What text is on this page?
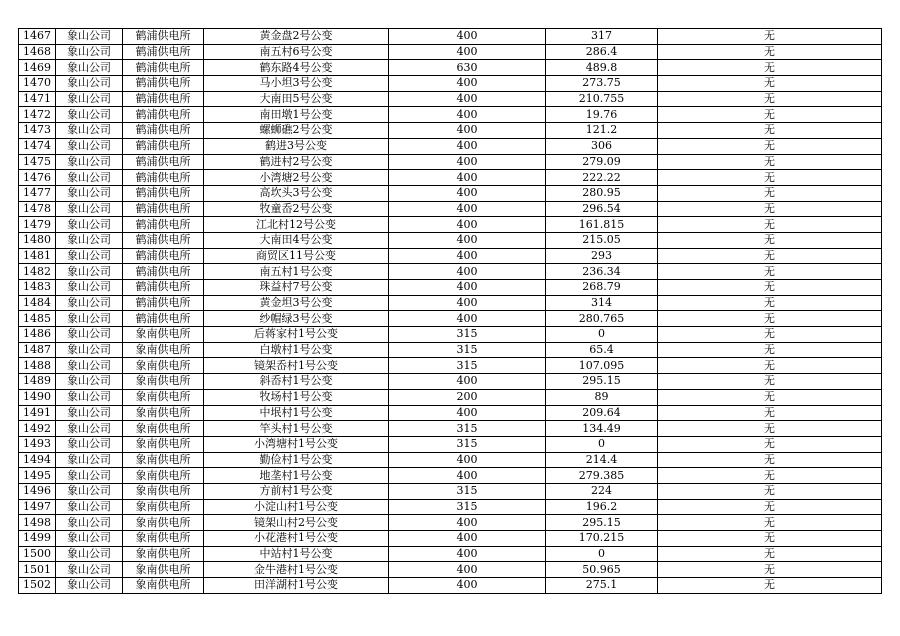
1467	象山公司	鹤浦供电所	黄金盘2号公变	400	317	无
1468	象山公司	鹤浦供电所	南五村6号公变	400	286.4	无
1469	象山公司	鹤浦供电所	鹤东路4号公变	630	489.8	无
1470	象山公司	鹤浦供电所	马小坦3号公变	400	273.75	无
1471	象山公司	鹤浦供电所	大南田5号公变	400	210.755	无
1472	象山公司	鹤浦供电所	南田墩1号公变	400	19.76	无
1473	象山公司	鹤浦供电所	螺蛳礁2号公变	400	121.2	无
1474	象山公司	鹤浦供电所	鹤进3号公变	400	306	无
1475	象山公司	鹤浦供电所	鹤进村2号公变	400	279.09	无
1476	象山公司	鹤浦供电所	小湾塘2号公变	400	222.22	无
1477	象山公司	鹤浦供电所	高坎头3号公变	400	280.95	无
1478	象山公司	鹤浦供电所	牧童岙2号公变	400	296.54	无
1479	象山公司	鹤浦供电所	江北村12号公变	400	161.815	无
1480	象山公司	鹤浦供电所	大南田4号公变	400	215.05	无
1481	象山公司	鹤浦供电所	商贸区11号公变	400	293	无
1482	象山公司	鹤浦供电所	南五村1号公变	400	236.34	无
1483	象山公司	鹤浦供电所	珠益村7号公变	400	268.79	无
1484	象山公司	鹤浦供电所	黄金坦3号公变	400	314	无
1485	象山公司	鹤浦供电所	纱帽绿3号公变	400	280.765	无
1486	象山公司	象南供电所	后蒋家村1号公变	315	0	无
1487	象山公司	象南供电所	白墩村1号公变	315	65.4	无
1488	象山公司	象南供电所	镜架岙村1号公变	315	107.095	无
1489	象山公司	象南供电所	斜岙村1号公变	400	295.15	无
1490	象山公司	象南供电所	牧场村1号公变	200	89	无
1491	象山公司	象南供电所	中垊村1号公变	400	209.64	无
1492	象山公司	象南供电所	竿头村1号公变	315	134.49	无
1493	象山公司	象南供电所	小湾塘村1号公变	315	0	无
1494	象山公司	象南供电所	勤俭村1号公变	400	214.4	无
1495	象山公司	象南供电所	地垄村1号公变	400	279.385	无
1496	象山公司	象南供电所	方前村1号公变	315	224	无
1497	象山公司	象南供电所	小淀山村1号公变	315	196.2	无
1498	象山公司	象南供电所	镜架山村2号公变	400	295.15	无
1499	象山公司	象南供电所	小花港村1号公变	400	170.215	无
1500	象山公司	象南供电所	中站村1号公变	400	0	无
1501	象山公司	象南供电所	金牛港村1号公变	400	50.965	无
1502	象山公司	象南供电所	田洋湖村1号公变	400	275.1	无
